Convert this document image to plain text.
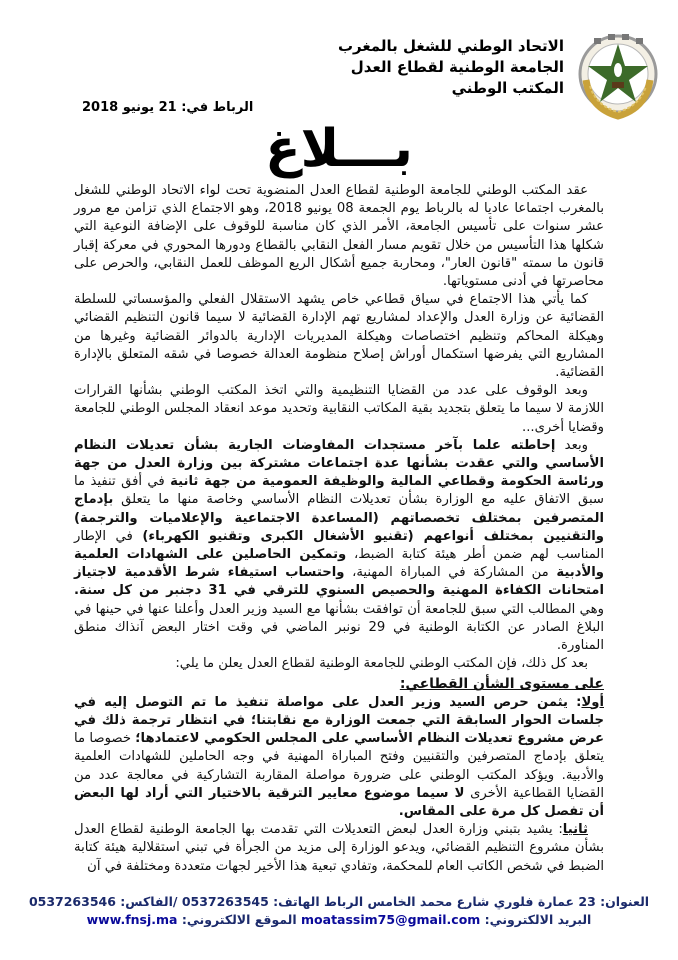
الاتحاد الوطني للشغل بالمغرب
الجامعة الوطنية لقطاع العدل
المكتب الوطني
الرباط في: 21 يونيو 2018
بـــلاغ

عقد المكتب الوطني للجامعة الوطنية لقطاع العدل المنضوية تحت لواء الاتحاد الوطني للشغل بالمغرب اجتماعا عاديا له بالرباط يوم الجمعة 08 يونيو 2018، وهو الاجتماع الذي تزامن مع مرور عشر سنوات على تأسيس الجامعة، الأمر الذي كان مناسبة للوقوف على الإضافة النوعية التي شكلها هذا التأسيس من خلال تقويم مسار الفعل النقابي بالقطاع ودورها المحوري في معركة إقبار قانون ما سمته "قانون العار"، ومحاربة جميع أشكال الريع الموظف للعمل النقابي، والحرص على محاصرتها في أدنى مستوياتها.

كما يأتي هذا الاجتماع في سياق قطاعي خاص يشهد الاستقلال الفعلي والمؤسساتي للسلطة القضائية عن وزارة العدل والإعداد لمشاريع تهم الإدارة القضائية لا سيما قانون التنظيم القضائي وهيكلة المحاكم وتنظيم اختصاصات وهيكلة المديريات الإدارية بالدوائر القضائية وغيرها من المشاريع التي يفرضها استكمال أوراش إصلاح منظومة العدالة خصوصا في شقه المتعلق بالإدارة القضائية.

وبعد الوقوف على عدد من القضايا التنظيمية والتي اتخذ المكتب الوطني بشأنها القرارات اللازمة لا سيما ما يتعلق بتجديد بقية المكاتب النقابية وتحديد موعد انعقاد المجلس الوطني للجامعة وقضايا أخرى...

وبعد إحاطته علما بآخر مستجدات المفاوضات الجارية بشأن تعديلات النظام الأساسي والتي عقدت بشأنها عدة اجتماعات مشتركة بين وزارة العدل من جهة ورئاسة الحكومة وقطاعي المالية والوظيفة العمومية من جهة ثانية في أفق تنفيذ ما سبق الاتفاق عليه مع الوزارة بشأن تعديلات النظام الأساسي وخاصة منها ما يتعلق بإدماج المتصرفين بمختلف تخصصاتهم (المساعدة الاجتماعية والإعلاميات والترجمة) والتقنيين بمختلف أنواعهم (تقنيو الأشغال الكبرى وتقنيو الكهرباء) في الإطار المناسب لهم ضمن أطر هيئة كتابة الضبط، وتمكين الحاصلين على الشهادات العلمية والأدبية من المشاركة في المباراة المهنية، واحتساب استيفاء شرط الأقدمية لاجتياز امتحانات الكفاءة المهنية والحصيص السنوي للترقي في 31 دجنبر من كل سنة. وهي المطالب التي سبق للجامعة أن توافقت بشأنها مع السيد وزير العدل وأعلنا عنها في حينها في البلاغ الصادر عن الكتابة الوطنية في 29 نونبر الماضي في وقت اختار البعض آنذاك منطق المناورة.

بعد كل ذلك، فإن المكتب الوطني للجامعة الوطنية لقطاع العدل يعلن ما يلي:

على مستوى الشأن القطاعي:

أولا: يثمن حرص السيد وزير العدل على مواصلة تنفيذ ما تم التوصل إليه في جلسات الحوار السابقة التي جمعت الوزارة مع نقابتنا؛ في انتظار ترجمة ذلك في عرض مشروع تعديلات النظام الأساسي على المجلس الحكومي لاعتمادها؛ خصوصا ما يتعلق بإدماج المتصرفين والتقنيين وفتح المباراة المهنية في وجه الحاملين للشهادات العلمية والأدبية. ويؤكد المكتب الوطني على ضرورة مواصلة المقاربة التشاركية في معالجة عدد من القضايا القطاعية الأخرى لا سيما موضوع معايير الترقية بالاختيار التي أراد لها البعض أن تفصل كل مرة على المقاس.

ثانيا: يشيد بتبني وزارة العدل لبعض التعديلات التي تقدمت بها الجامعة الوطنية لقطاع العدل بشأن مشروع التنظيم القضائي، ويدعو الوزارة إلى مزيد من الجرأة في تبني استقلالية هيئة كتابة الضبط في شخص الكاتب العام للمحكمة، وتفادي تبعية هذا الأخير لجهات متعددة ومختلفة في آن

العنوان: 23 عمارة فلوري شارع محمد الخامس الرباط الهاتف: 0537263545 /الفاكس: 0537263546
البريد الالكتروني: moatassim75@gmail.com الموقع الالكتروني: www.fnsj.ma
